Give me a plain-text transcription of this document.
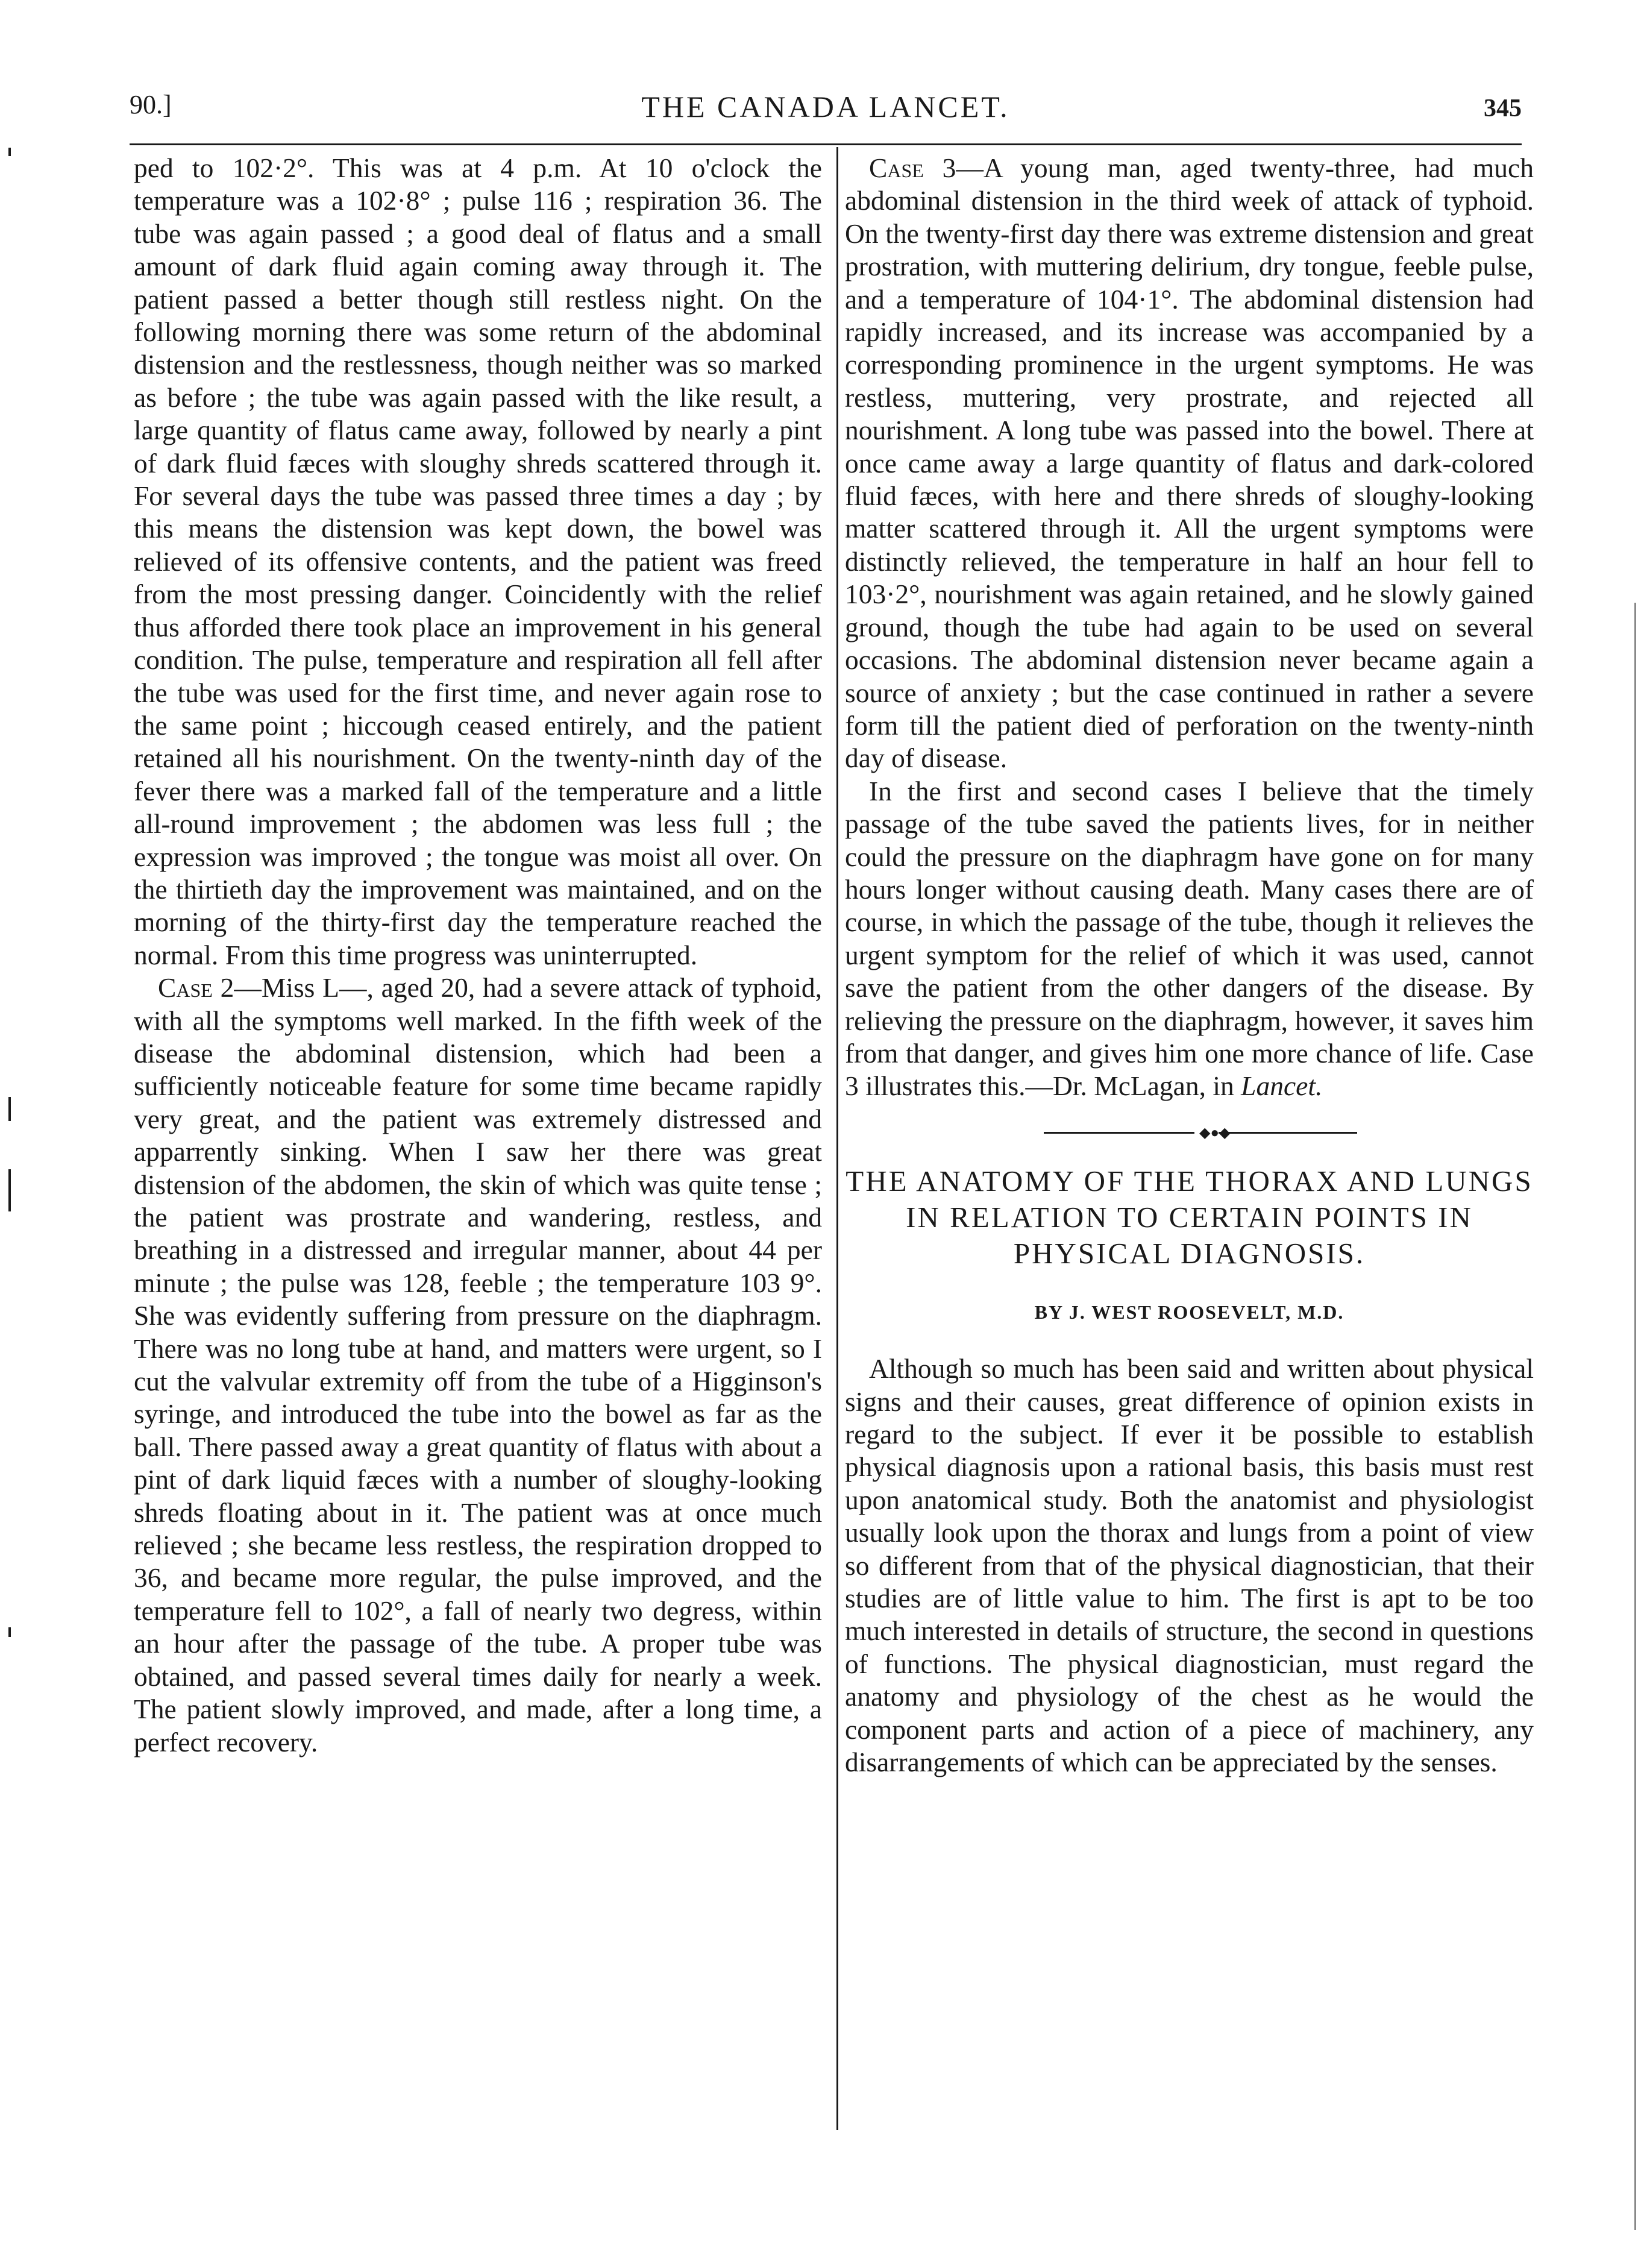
90.]	THE CANADA LANCET.	345

ped to 102·2°. This was at 4 p.m. At 10 o'clock the temperature was a 102·8° ; pulse 116 ; respiration 36. The tube was again passed ; a good deal of flatus and a small amount of dark fluid again coming away through it. The patient passed a better though still restless night. On the following morning there was some return of the abdominal distension and the restlessness, though neither was so marked as before ; the tube was again passed with the like result, a large quantity of flatus came away, followed by nearly a pint of dark fluid fæces with sloughy shreds scattered through it. For several days the tube was passed three times a day ; by this means the distension was kept down, the bowel was relieved of its offensive contents, and the patient was freed from the most pressing danger. Coincidently with the relief thus afforded there took place an improvement in his general condition. The pulse, temperature and respiration all fell after the tube was used for the first time, and never again rose to the same point ; hiccough ceased entirely, and the patient retained all his nourishment. On the twenty-ninth day of the fever there was a marked fall of the temperature and a little all-round improvement ; the abdomen was less full ; the expression was improved ; the tongue was moist all over. On the thirtieth day the improvement was maintained, and on the morning of the thirty-first day the temperature reached the normal. From this time progress was uninterrupted.

Case 2—Miss L—, aged 20, had a severe attack of typhoid, with all the symptoms well marked. In the fifth week of the disease the abdominal distension, which had been a sufficiently noticeable feature for some time became rapidly very great, and the patient was extremely distressed and apparrently sinking. When I saw her there was great distension of the abdomen, the skin of which was quite tense ; the patient was prostrate and wandering, restless, and breathing in a distressed and irregular manner, about 44 per minute ; the pulse was 128, feeble ; the temperature 103 9°. She was evidently suffering from pressure on the diaphragm. There was no long tube at hand, and matters were urgent, so I cut the valvular extremity off from the tube of a Higginson's syringe, and introduced the tube into the bowel as far as the ball. There passed away a great quantity of flatus with about a pint of dark liquid fæces with a number of sloughy-looking shreds floating about in it. The patient was at once much relieved ; she became less restless, the respiration dropped to 36, and became more regular, the pulse improved, and the temperature fell to 102°, a fall of nearly two degress, within an hour after the passage of the tube. A proper tube was obtained, and passed several times daily for nearly a week. The patient slowly improved, and made, after a long time, a perfect recovery.

Case 3—A young man, aged twenty-three, had much abdominal distension in the third week of attack of typhoid. On the twenty-first day there was extreme distension and great prostration, with muttering delirium, dry tongue, feeble pulse, and a temperature of 104·1°. The abdominal distension had rapidly increased, and its increase was accompanied by a corresponding prominence in the urgent symptoms. He was restless, muttering, very prostrate, and rejected all nourishment. A long tube was passed into the bowel. There at once came away a large quantity of flatus and dark-colored fluid fæces, with here and there shreds of sloughy-looking matter scattered through it. All the urgent symptoms were distinctly relieved, the temperature in half an hour fell to 103·2°, nourishment was again retained, and he slowly gained ground, though the tube had again to be used on several occasions. The abdominal distension never became again a source of anxiety ; but the case continued in rather a severe form till the patient died of perforation on the twenty-ninth day of disease.

In the first and second cases I believe that the timely passage of the tube saved the patients lives, for in neither could the pressure on the diaphragm have gone on for many hours longer without causing death. Many cases there are of course, in which the passage of the tube, though it relieves the urgent symptom for the relief of which it was used, cannot save the patient from the other dangers of the disease. By relieving the pressure on the diaphragm, however, it saves him from that danger, and gives him one more chance of life. Case 3 illustrates this.—Dr. McLagan, in Lancet.

◆●◆
THE ANATOMY OF THE THORAX AND LUNGS IN RELATION TO CERTAIN POINTS IN PHYSICAL DIAGNOSIS.
BY J. WEST ROOSEVELT, M.D.

Although so much has been said and written about physical signs and their causes, great difference of opinion exists in regard to the subject. If ever it be possible to establish physical diagnosis upon a rational basis, this basis must rest upon anatomical study. Both the anatomist and physiologist usually look upon the thorax and lungs from a point of view so different from that of the physical diagnostician, that their studies are of little value to him. The first is apt to be too much interested in details of structure, the second in questions of functions. The physical diagnostician, must regard the anatomy and physiology of the chest as he would the component parts and action of a piece of machinery, any disarrangements of which can be appreciated by the senses.
